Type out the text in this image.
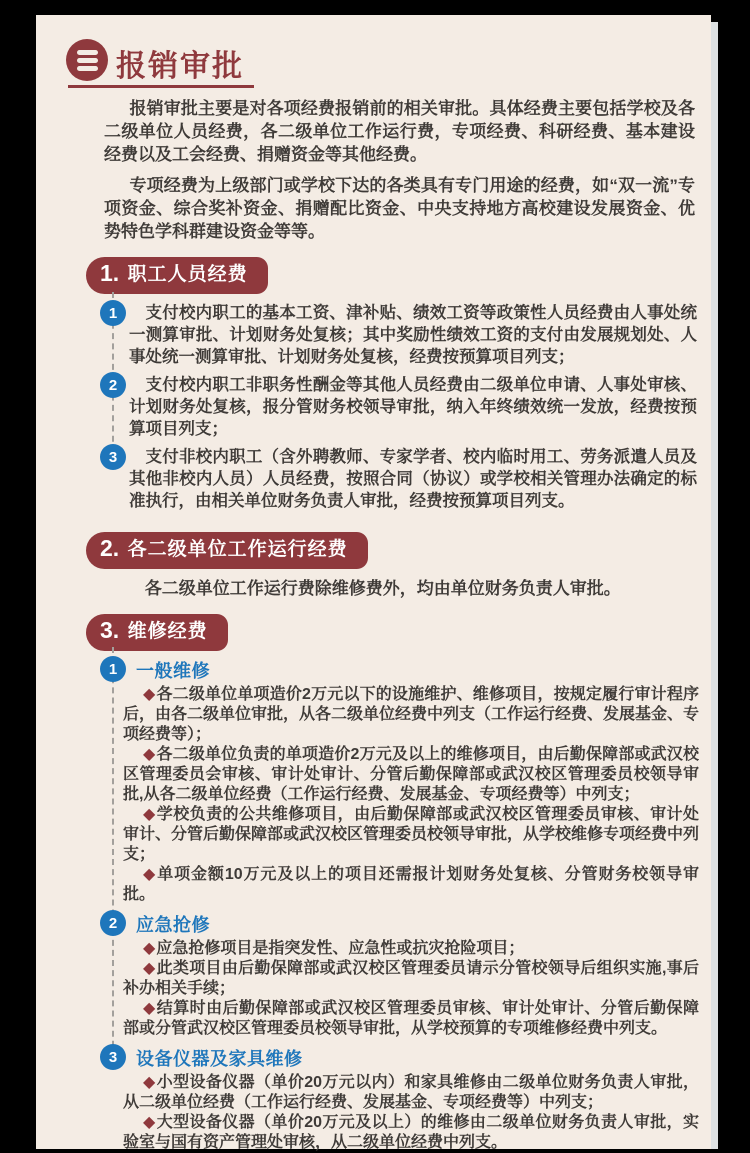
报销审批

报销审批主要是对各项经费报销前的相关审批。具体经费主要包括学校及各二级单位人员经费，各二级单位工作运行费，专项经费、科研经费、基本建设经费以及工会经费、捐赠资金等其他经费。

专项经费为上级部门或学校下达的各类具有专门用途的经费，如“双一流”专项资金、综合奖补资金、捐赠配比资金、中央支持地方高校建设发展资金、优势特色学科群建设资金等等。

1. 职工人员经费
1	支付校内职工的基本工资、津补贴、绩效工资等政策性人员经费由人事处统一测算审批、计划财务处复核；其中奖励性绩效工资的支付由发展规划处、人事处统一测算审批、计划财务处复核，经费按预算项目列支；

2	支付校内职工非职务性酬金等其他人员经费由二级单位申请、人事处审核、计划财务处复核，报分管财务校领导审批，纳入年终绩效统一发放，经费按预算项目列支；

3	支付非校内职工（含外聘教师、专家学者、校内临时用工、劳务派遣人员及其他非校内人员）人员经费，按照合同（协议）或学校相关管理办法确定的标准执行，由相关单位财务负责人审批，经费按预算项目列支。

2. 各二级单位工作运行经费

各二级单位工作运行费除维修费外，均由单位财务负责人审批。

3. 维修经费
1	一般维修

◆各二级单位单项造价2万元以下的设施维护、维修项目，按规定履行审计程序后，由各二级单位审批，从各二级单位经费中列支（工作运行经费、发展基金、专项经费等）；

◆各二级单位负责的单项造价2万元及以上的维修项目，由后勤保障部或武汉校区管理委员会审核、审计处审计、分管后勤保障部或武汉校区管理委员校领导审批,从各二级单位经费（工作运行经费、发展基金、专项经费等）中列支；

◆学校负责的公共维修项目，由后勤保障部或武汉校区管理委员审核、审计处审计、分管后勤保障部或武汉校区管理委员校领导审批，从学校维修专项经费中列支；

◆单项金额10万元及以上的项目还需报计划财务处复核、分管财务校领导审批。

2	应急抢修

◆应急抢修项目是指突发性、应急性或抗灾抢险项目；

◆此类项目由后勤保障部或武汉校区管理委员请示分管校领导后组织实施,事后补办相关手续；

◆结算时由后勤保障部或武汉校区管理委员审核、审计处审计、分管后勤保障部或分管武汉校区管理委员校领导审批，从学校预算的专项维修经费中列支。

3	设备仪器及家具维修

◆小型设备仪器（单价20万元以内）和家具维修由二级单位财务负责人审批，从二级单位经费（工作运行经费、发展基金、专项经费等）中列支；

◆大型设备仪器（单价20万元及以上）的维修由二级单位财务负责人审批，实验室与国有资产管理处审核，从二级单位经费中列支。
